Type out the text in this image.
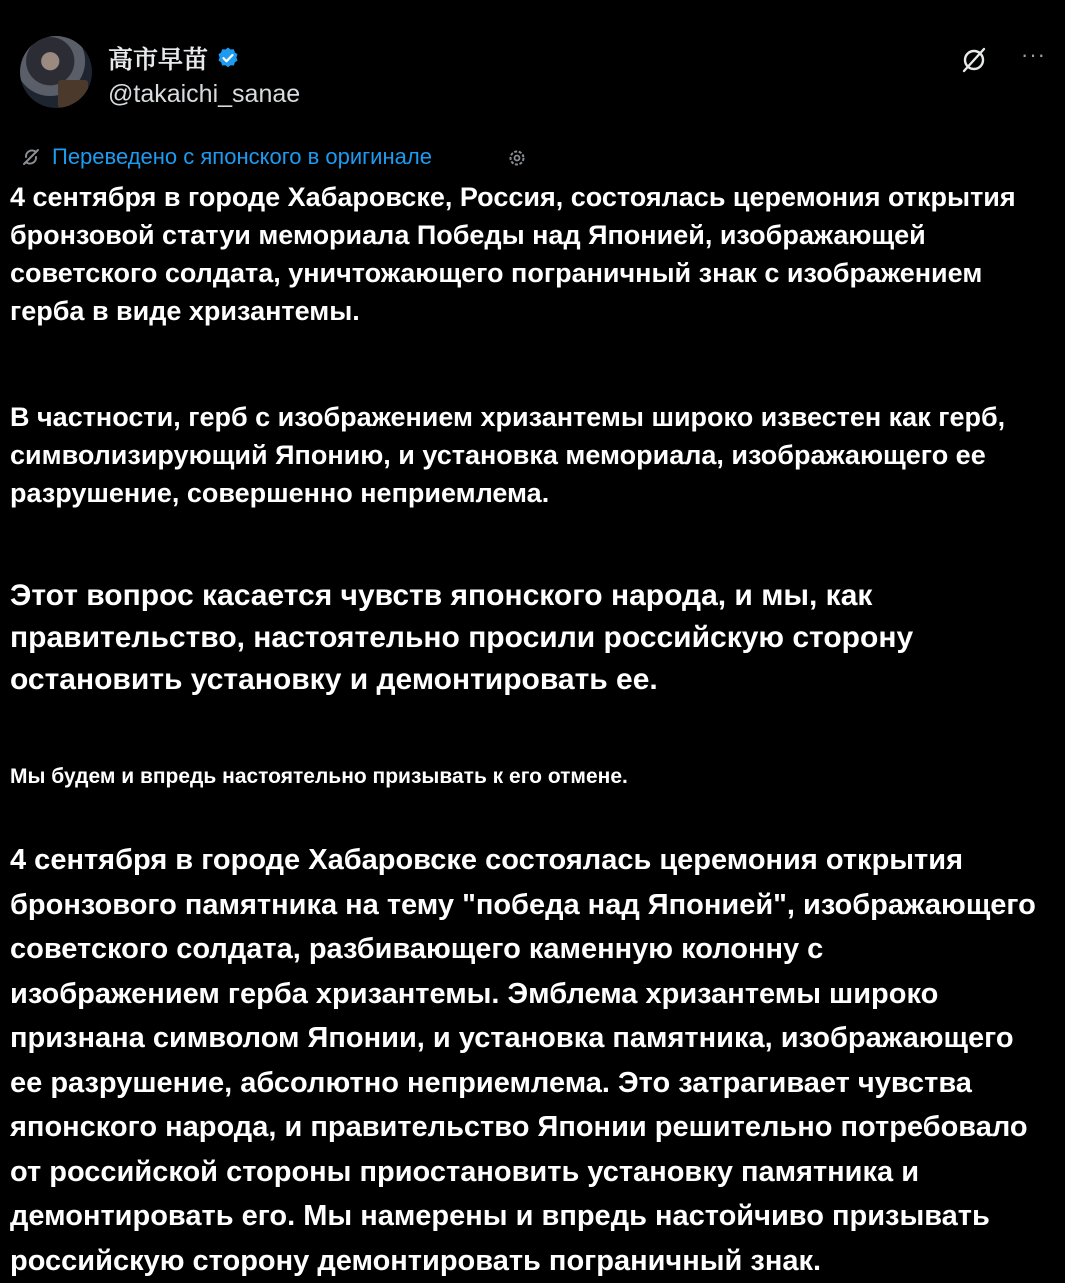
高市早苗
@takaichi_sanae
···
Переведено с японского в оригинале

4 сентября в городе Хабаровске, Россия, состоялась церемония открытия бронзовой статуи мемориала Победы над Японией, изображающей советского солдата, уничтожающего пограничный знак с изображением герба в виде хризантемы.

В частности, герб с изображением хризантемы широко известен как герб, символизирующий Японию, и установка мемориала, изображающего ее разрушение, совершенно неприемлема.

Этот вопрос касается чувств японского народа, и мы, как правительство, настоятельно просили российскую сторону остановить установку и демонтировать ее.

Мы будем и впредь настоятельно призывать к его отмене.

4 сентября в городе Хабаровске состоялась церемония открытия бронзового памятника на тему "победа над Японией", изображающего советского солдата, разбивающего каменную колонну с изображением герба хризантемы. Эмблема хризантемы широко признана символом Японии, и установка памятника, изображающего ее разрушение, абсолютно неприемлема. Это затрагивает чувства японского народа, и правительство Японии решительно потребовало от российской стороны приостановить установку памятника и демонтировать его. Мы намерены и впредь настойчиво призывать российскую сторону демонтировать пограничный знак.
